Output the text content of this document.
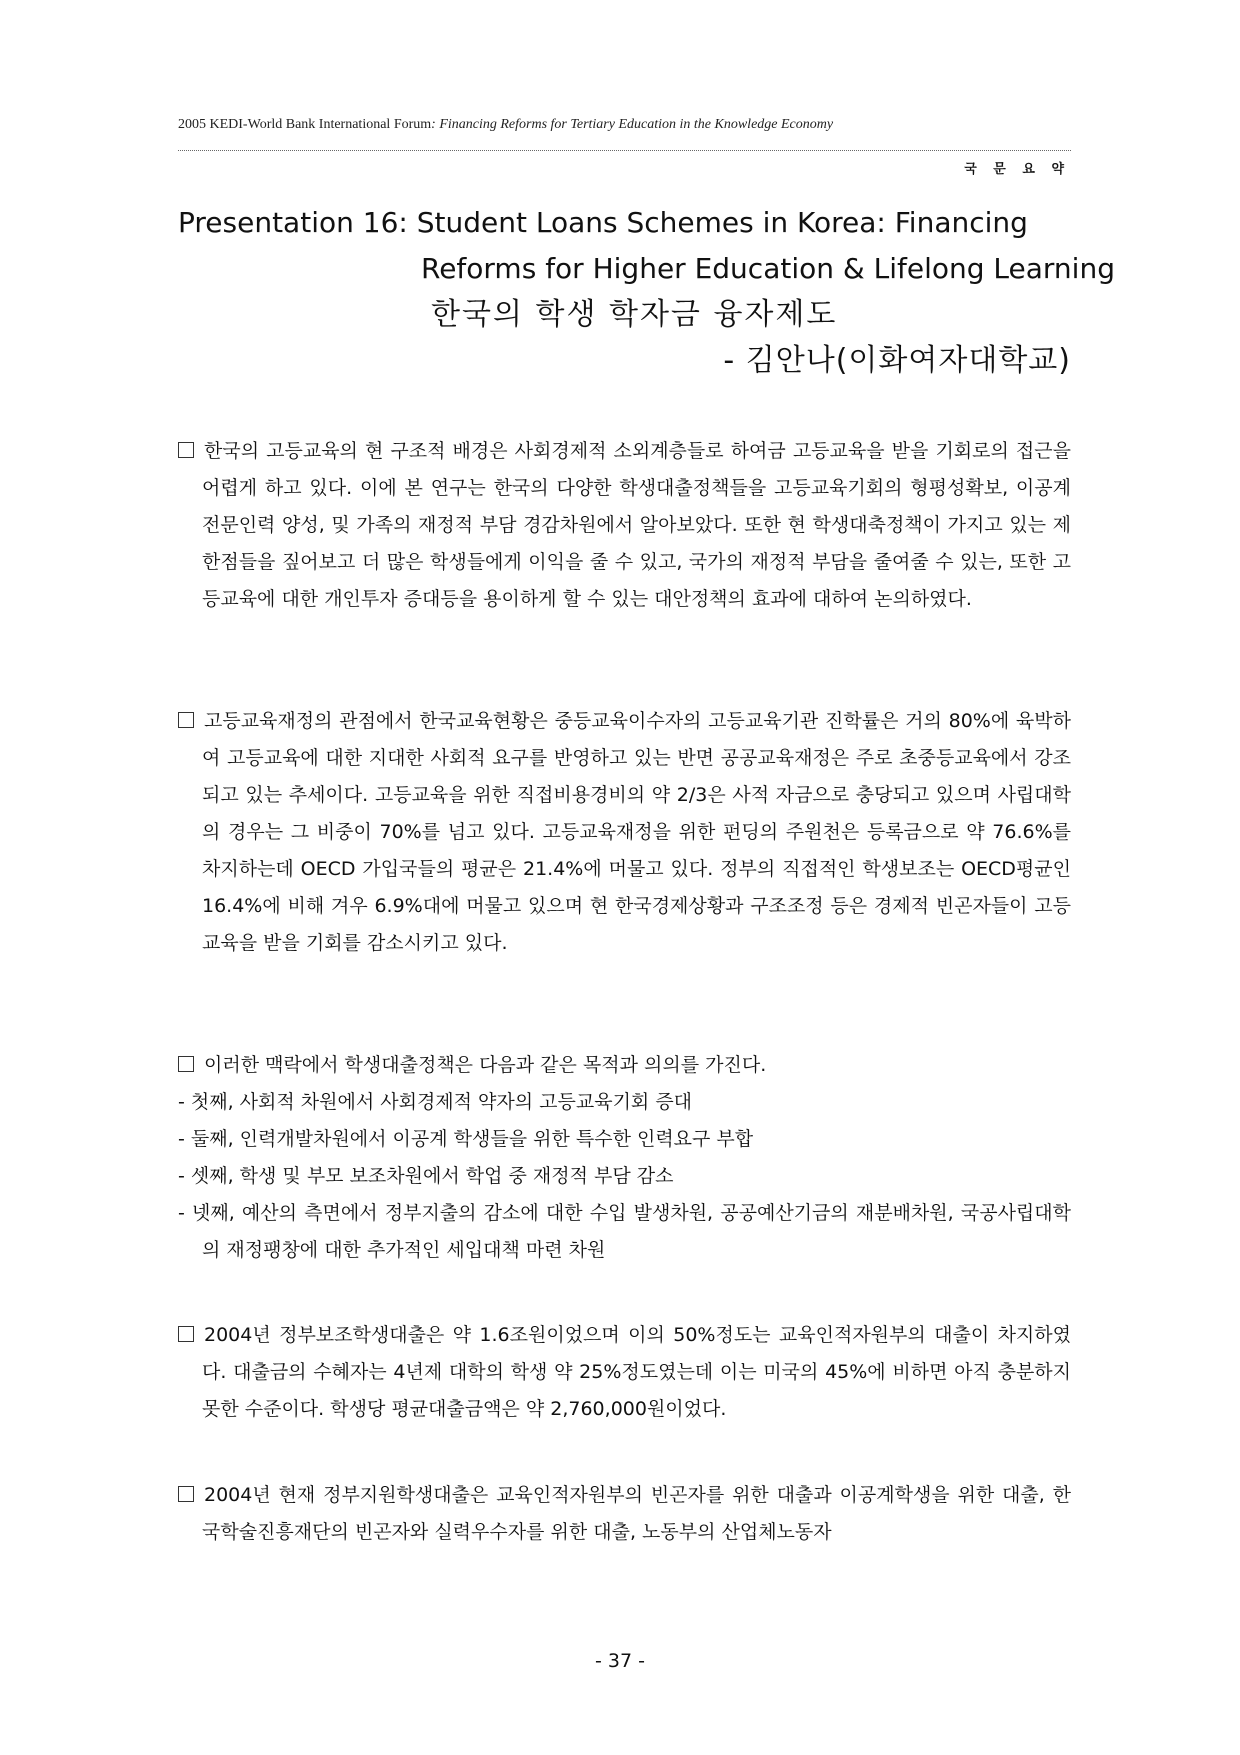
2005 KEDI-World Bank International Forum: Financing Reforms for Tertiary Education in the Knowledge Economy
국 문 요 약
Presentation 16: Student Loans Schemes in Korea: Financing
Reforms for Higher Education & Lifelong Learning
한국의 학생 학자금 융자제도
- 김안나(이화여자대학교)

한국의 고등교육의 현 구조적 배경은 사회경제적 소외계층들로 하여금 고등교육을 받을 기회로의 접근을 어렵게 하고 있다. 이에 본 연구는 한국의 다양한 학생대출정책들을 고등교육기회의 형평성확보, 이공계 전문인력 양성, 및 가족의 재정적 부담 경감차원에서 알아보았다. 또한 현 학생대축정책이 가지고 있는 제한점들을 짚어보고 더 많은 학생들에게 이익을 줄 수 있고, 국가의 재정적 부담을 줄여줄 수 있는, 또한 고등교육에 대한 개인투자 증대등을 용이하게 할 수 있는 대안정책의 효과에 대하여 논의하였다.

고등교육재정의 관점에서 한국교육현황은 중등교육이수자의 고등교육기관 진학률은 거의 80%에 육박하여 고등교육에 대한 지대한 사회적 요구를 반영하고 있는 반면 공공교육재정은 주로 초중등교육에서 강조되고 있는 추세이다. 고등교육을 위한 직접비용경비의 약 2/3은 사적 자금으로 충당되고 있으며 사립대학의 경우는 그 비중이 70%를 넘고 있다. 고등교육재정을 위한 펀딩의 주원천은 등록금으로 약 76.6%를 차지하는데 OECD 가입국들의 평균은 21.4%에 머물고 있다. 정부의 직접적인 학생보조는 OECD평균인 16.4%에 비해 겨우 6.9%대에 머물고 있으며 현 한국경제상황과 구조조정 등은 경제적 빈곤자들이 고등교육을 받을 기회를 감소시키고 있다.

이러한 맥락에서 학생대출정책은 다음과 같은 목적과 의의를 가진다.

- 첫째, 사회적 차원에서 사회경제적 약자의 고등교육기회 증대

- 둘째, 인력개발차원에서 이공계 학생들을 위한 특수한 인력요구 부합

- 셋째, 학생 및 부모 보조차원에서 학업 중 재정적 부담 감소

- 넷째, 예산의 측면에서 정부지출의 감소에 대한 수입 발생차원, 공공예산기금의 재분배차원, 국공사립대학의 재정팽창에 대한 추가적인 세입대책 마련 차원

2004년 정부보조학생대출은 약 1.6조원이었으며 이의 50%정도는 교육인적자원부의 대출이 차지하였다. 대출금의 수혜자는 4년제 대학의 학생 약 25%정도였는데 이는 미국의 45%에 비하면 아직 충분하지 못한 수준이다. 학생당 평균대출금액은 약 2,760,000원이었다.

2004년 현재 정부지원학생대출은 교육인적자원부의 빈곤자를 위한 대출과 이공계학생을 위한 대출, 한국학술진흥재단의 빈곤자와 실력우수자를 위한 대출, 노동부의 산업체노동자

- 37 -
